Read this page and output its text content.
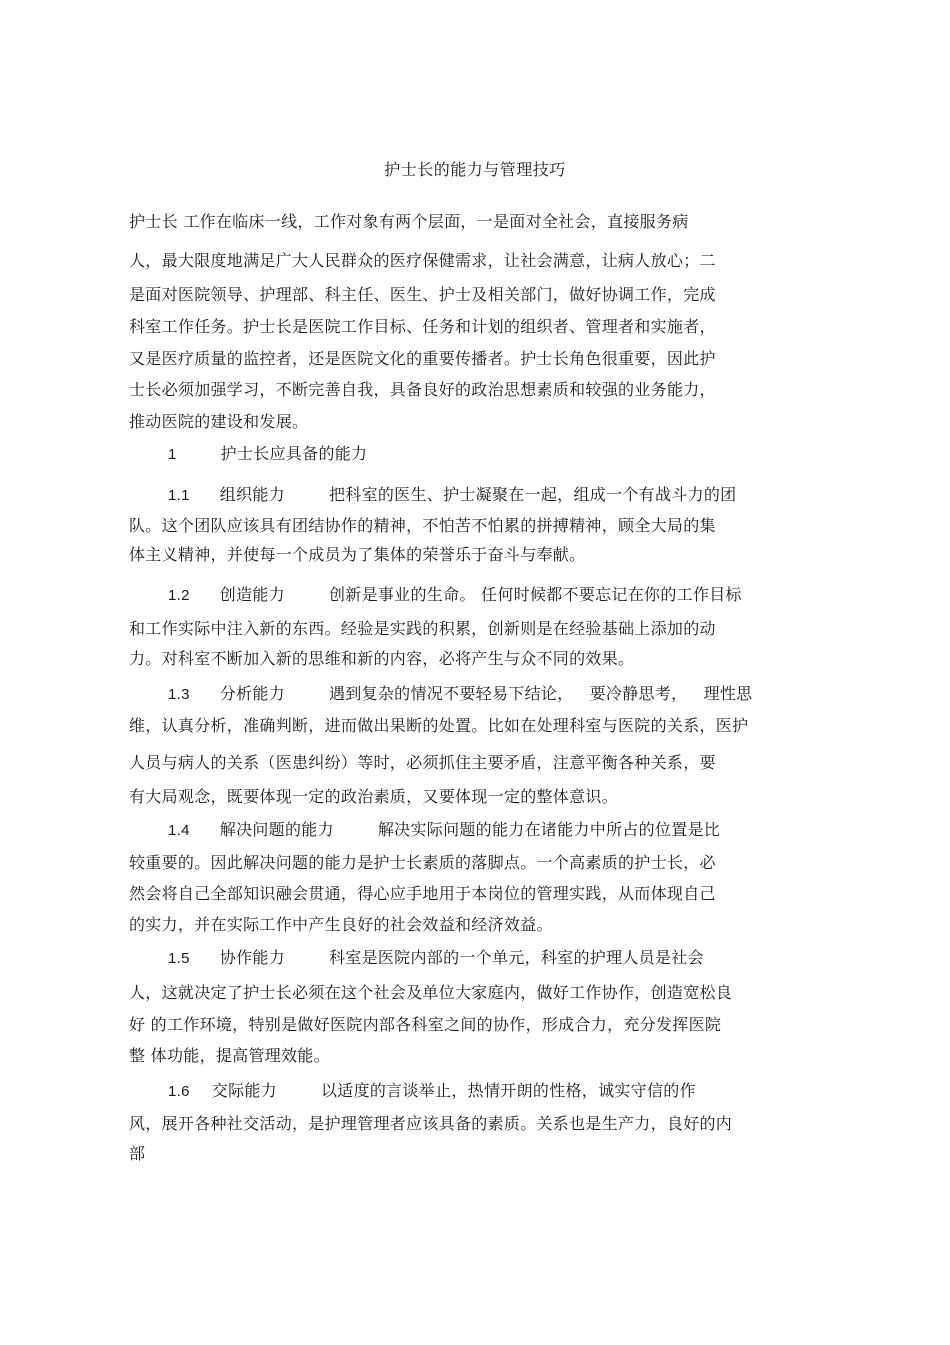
护士长的能力与管理技巧
护士长 工作在临床一线，工作对象有两个层面，一是面对全社会，直接服务病
人，最大限度地满足广大人民群众的医疗保健需求，让社会满意，让病人放心；二
是面对医院领导、护理部、科主任、医生、护士及相关部门，做好协调工作，完成
科室工作任务。护士长是医院工作目标、任务和计划的组织者、管理者和实施者，
又是医疗质量的监控者，还是医院文化的重要传播者。护士长角色很重要，因此护
士长必须加强学习，不断完善自我，具备良好的政治思想素质和较强的业务能力，
推动医院的建设和发展。
1	护士长应具备的能力
1.1 组织能力	把科室的医生、护士凝聚在一起，组成一个有战斗力的团
队。这个团队应该具有团结协作的精神，不怕苦不怕累的拼搏精神，顾全大局的集
体主义精神，并使每一个成员为了集体的荣誉乐于奋斗与奉献。
1.2 创造能力	创新是事业的生命。 任何时候都不要忘记在你的工作目标
和工作实际中注入新的东西。经验是实践的积累，创新则是在经验基础上添加的动
力。对科室不断加入新的思维和新的内容，必将产生与众不同的效果。
1.3 分析能力	遇到复杂的情况不要轻易下结论，   要冷静思考，   理性思
维，认真分析，准确判断，进而做出果断的处置。比如在处理科室与医院的关系，医护
人员与病人的关系（医患纠纷）等时，必须抓住主要矛盾，注意平衡各种关系，要
有大局观念，既要体现一定的政治素质，又要体现一定的整体意识。
1.4 解决问题的能力	解决实际问题的能力在诸能力中所占的位置是比
较重要的。因此解决问题的能力是护士长素质的落脚点。一个高素质的护士长，必
然会将自己全部知识融会贯通，得心应手地用于本岗位的管理实践，从而体现自己
的实力，并在实际工作中产生良好的社会效益和经济效益。
1.5 协作能力	科室是医院内部的一个单元，科室的护理人员是社会
人，这就决定了护士长必须在这个社会及单位大家庭内，做好工作协作，创造宽松良
好 的工作环境，特别是做好医院内部各科室之间的协作，形成合力，充分发挥医院
整 体功能，提高管理效能。
1.6 交际能力	以适度的言谈举止，热情开朗的性格，诚实守信的作
风，展开各种社交活动，是护理管理者应该具备的素质。关系也是生产力，良好的内
部
